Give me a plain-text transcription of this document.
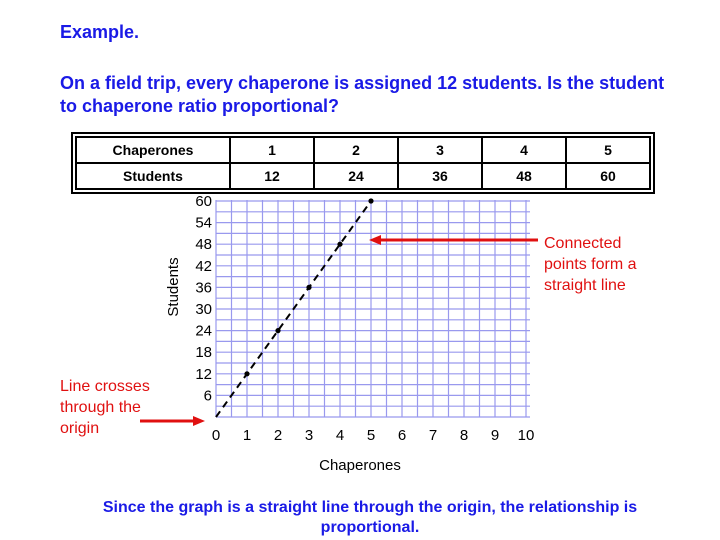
Example.
On a field trip, every chaperone is assigned 12 students. Is the student to chaperone ratio proportional?
Chaperones	1	2	3	4	5
Students	12	24	36	48	60
0 1 2 3 4 5 6 7 8 9 10
6
12
18
24
30
36
42
48
54
60
Chaperones
Students
Connected points form a straight line
Line crosses through the origin
Since the graph is a straight line through the origin, the relationship is proportional.
